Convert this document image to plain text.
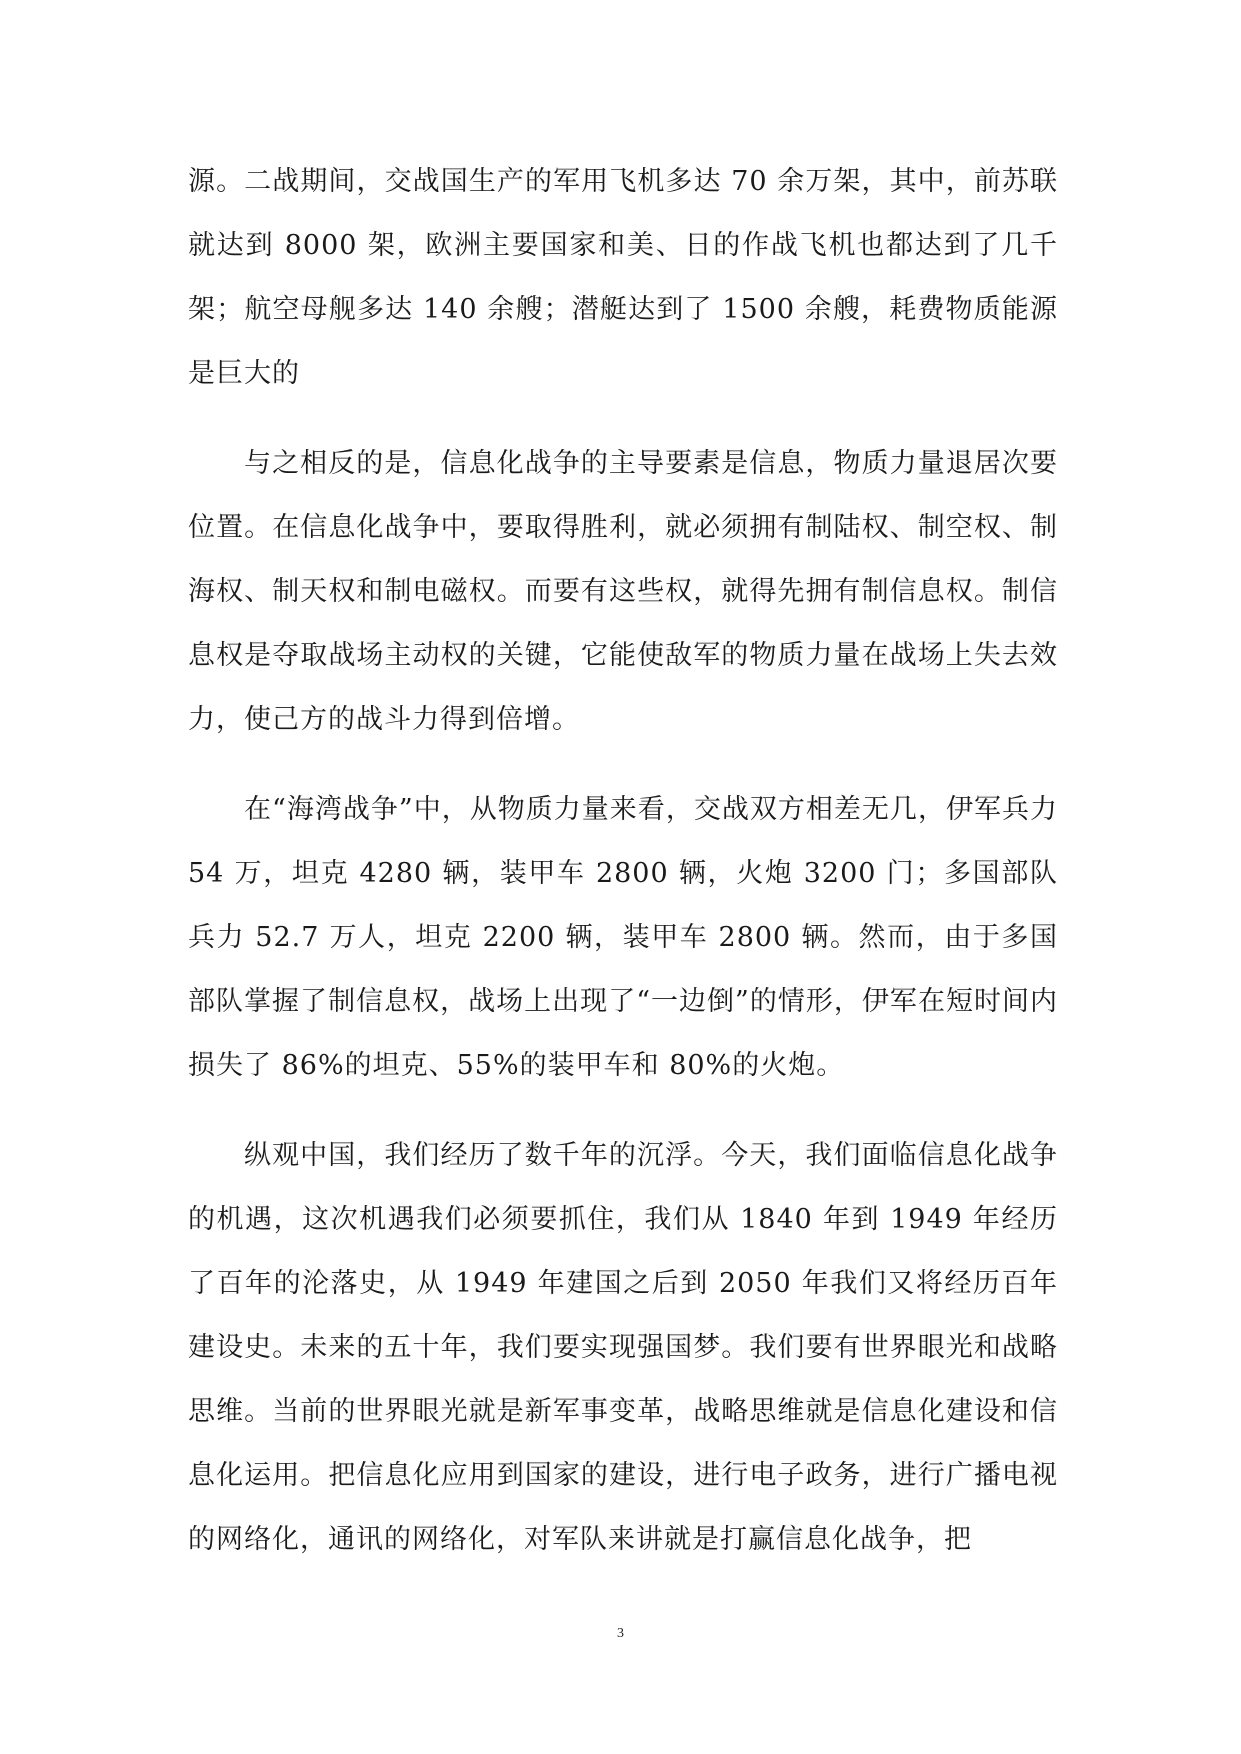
源。二战期间，交战国生产的军用飞机多达 70 余万架，其中，前苏联就达到 8000 架，欧洲主要国家和美、日的作战飞机也都达到了几千架；航空母舰多达 140 余艘；潜艇达到了 1500 余艘，耗费物质能源是巨大的

与之相反的是，信息化战争的主导要素是信息，物质力量退居次要位置。在信息化战争中，要取得胜利，就必须拥有制陆权、制空权、制海权、制天权和制电磁权。而要有这些权，就得先拥有制信息权。制信息权是夺取战场主动权的关键，它能使敌军的物质力量在战场上失去效力，使己方的战斗力得到倍增。

在“海湾战争”中，从物质力量来看，交战双方相差无几，伊军兵力 54 万，坦克 4280 辆，装甲车 2800 辆，火炮 3200 门；多国部队兵力 52.7 万人，坦克 2200 辆，装甲车 2800 辆。然而，由于多国部队掌握了制信息权，战场上出现了“一边倒”的情形，伊军在短时间内损失了 86%的坦克、55%的装甲车和 80%的火炮。

纵观中国，我们经历了数千年的沉浮。今天，我们面临信息化战争的机遇，这次机遇我们必须要抓住，我们从 1840 年到 1949 年经历了百年的沦落史，从 1949 年建国之后到 2050 年我们又将经历百年建设史。未来的五十年，我们要实现强国梦。我们要有世界眼光和战略思维。当前的世界眼光就是新军事变革，战略思维就是信息化建设和信息化运用。把信息化应用到国家的建设，进行电子政务，进行广播电视的网络化，通讯的网络化，对军队来讲就是打赢信息化战争，把

3
